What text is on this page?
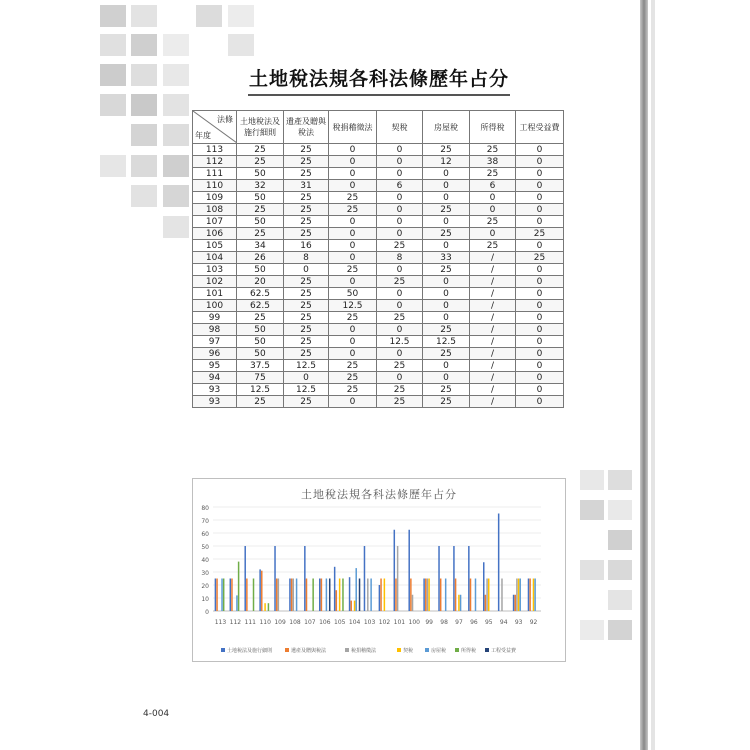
土地稅法規各科法條歷年占分
法條
年度	土地稅法及施行細則	遺產及贈與稅法	稅捐稽徵法	契稅	房屋稅	所得稅	工程受益費
113	25	25	0	0	25	25	0
112	25	25	0	0	12	38	0
111	50	25	0	0	0	25	0
110	32	31	0	6	0	6	0
109	50	25	25	0	0	0	0
108	25	25	25	0	25	0	0
107	50	25	0	0	0	25	0
106	25	25	0	0	25	0	25
105	34	16	0	25	0	25	0
104	26	8	0	8	33	/	25
103	50	0	25	0	25	/	0
102	20	25	0	25	0	/	0
101	62.5	25	50	0	0	/	0
100	62.5	25	12.5	0	0	/	0
99	25	25	25	25	0	/	0
98	50	25	0	0	25	/	0
97	50	25	0	12.5	12.5	/	0
96	50	25	0	0	25	/	0
95	37.5	12.5	25	25	0	/	0
94	75	0	25	0	0	/	0
93	12.5	12.5	25	25	25	/	0
93	25	25	0	25	25	/	0
土地稅法規各科法條歷年占分
0
10
20
30
40
50
60
70
80
113 112 111 110 109 108 107 106 105 104 103 102 101 100 99 98 97 96 95 94 93 92
土地稅法及施行細則	遺產及贈與稅法	稅捐稽徵法	契稅	房屋稅	所得稅	工程受益費
4-004
